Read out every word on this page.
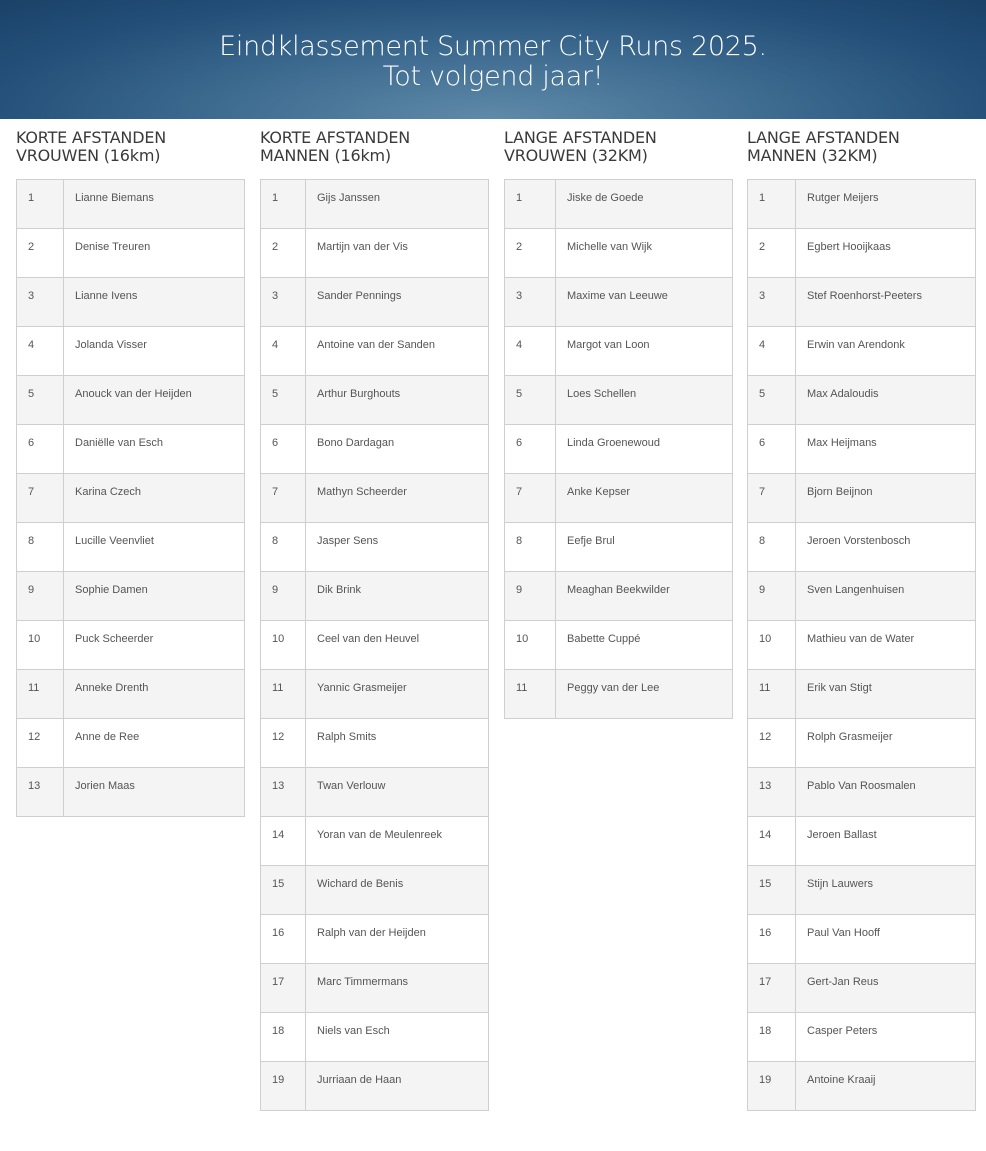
Eindklassement Summer City Runs 2025.
Tot volgend jaar!
KORTE AFSTANDEN
VROUWEN (16km)
1	Lianne Biemans

2	Denise Treuren

3	Lianne Ivens

4	Jolanda Visser

5	Anouck van der Heijden

6	Daniëlle van Esch

7	Karina Czech

8	Lucille Veenvliet

9	Sophie Damen

10	Puck Scheerder

11	Anneke Drenth

12	Anne de Ree

13	Jorien Maas
KORTE AFSTANDEN
MANNEN (16km)
1	Gijs Janssen

2	Martijn van der Vis

3	Sander Pennings

4	Antoine van der Sanden

5	Arthur Burghouts

6	Bono Dardagan

7	Mathyn Scheerder

8	Jasper Sens

9	Dik Brink

10	Ceel van den Heuvel

11	Yannic Grasmeijer

12	Ralph Smits

13	Twan Verlouw

14	Yoran van de Meulenreek

15	Wichard de Benis

16	Ralph van der Heijden

17	Marc Timmermans

18	Niels van Esch

19	Jurriaan de Haan
LANGE AFSTANDEN
VROUWEN (32KM)
1	Jiske de Goede

2	Michelle van Wijk

3	Maxime van Leeuwe

4	Margot van Loon

5	Loes Schellen

6	Linda Groenewoud

7	Anke Kepser

8	Eefje Brul

9	Meaghan Beekwilder

10	Babette Cuppé

11	Peggy van der Lee
LANGE AFSTANDEN
MANNEN (32KM)
1	Rutger Meijers

2	Egbert Hooijkaas

3	Stef Roenhorst-Peeters

4	Erwin van Arendonk

5	Max Adaloudis

6	Max Heijmans

7	Bjorn Beijnon

8	Jeroen Vorstenbosch

9	Sven Langenhuisen

10	Mathieu van de Water

11	Erik van Stigt

12	Rolph Grasmeijer

13	Pablo Van Roosmalen

14	Jeroen Ballast

15	Stijn Lauwers

16	Paul Van Hooff

17	Gert-Jan Reus

18	Casper Peters

19	Antoine Kraaij
